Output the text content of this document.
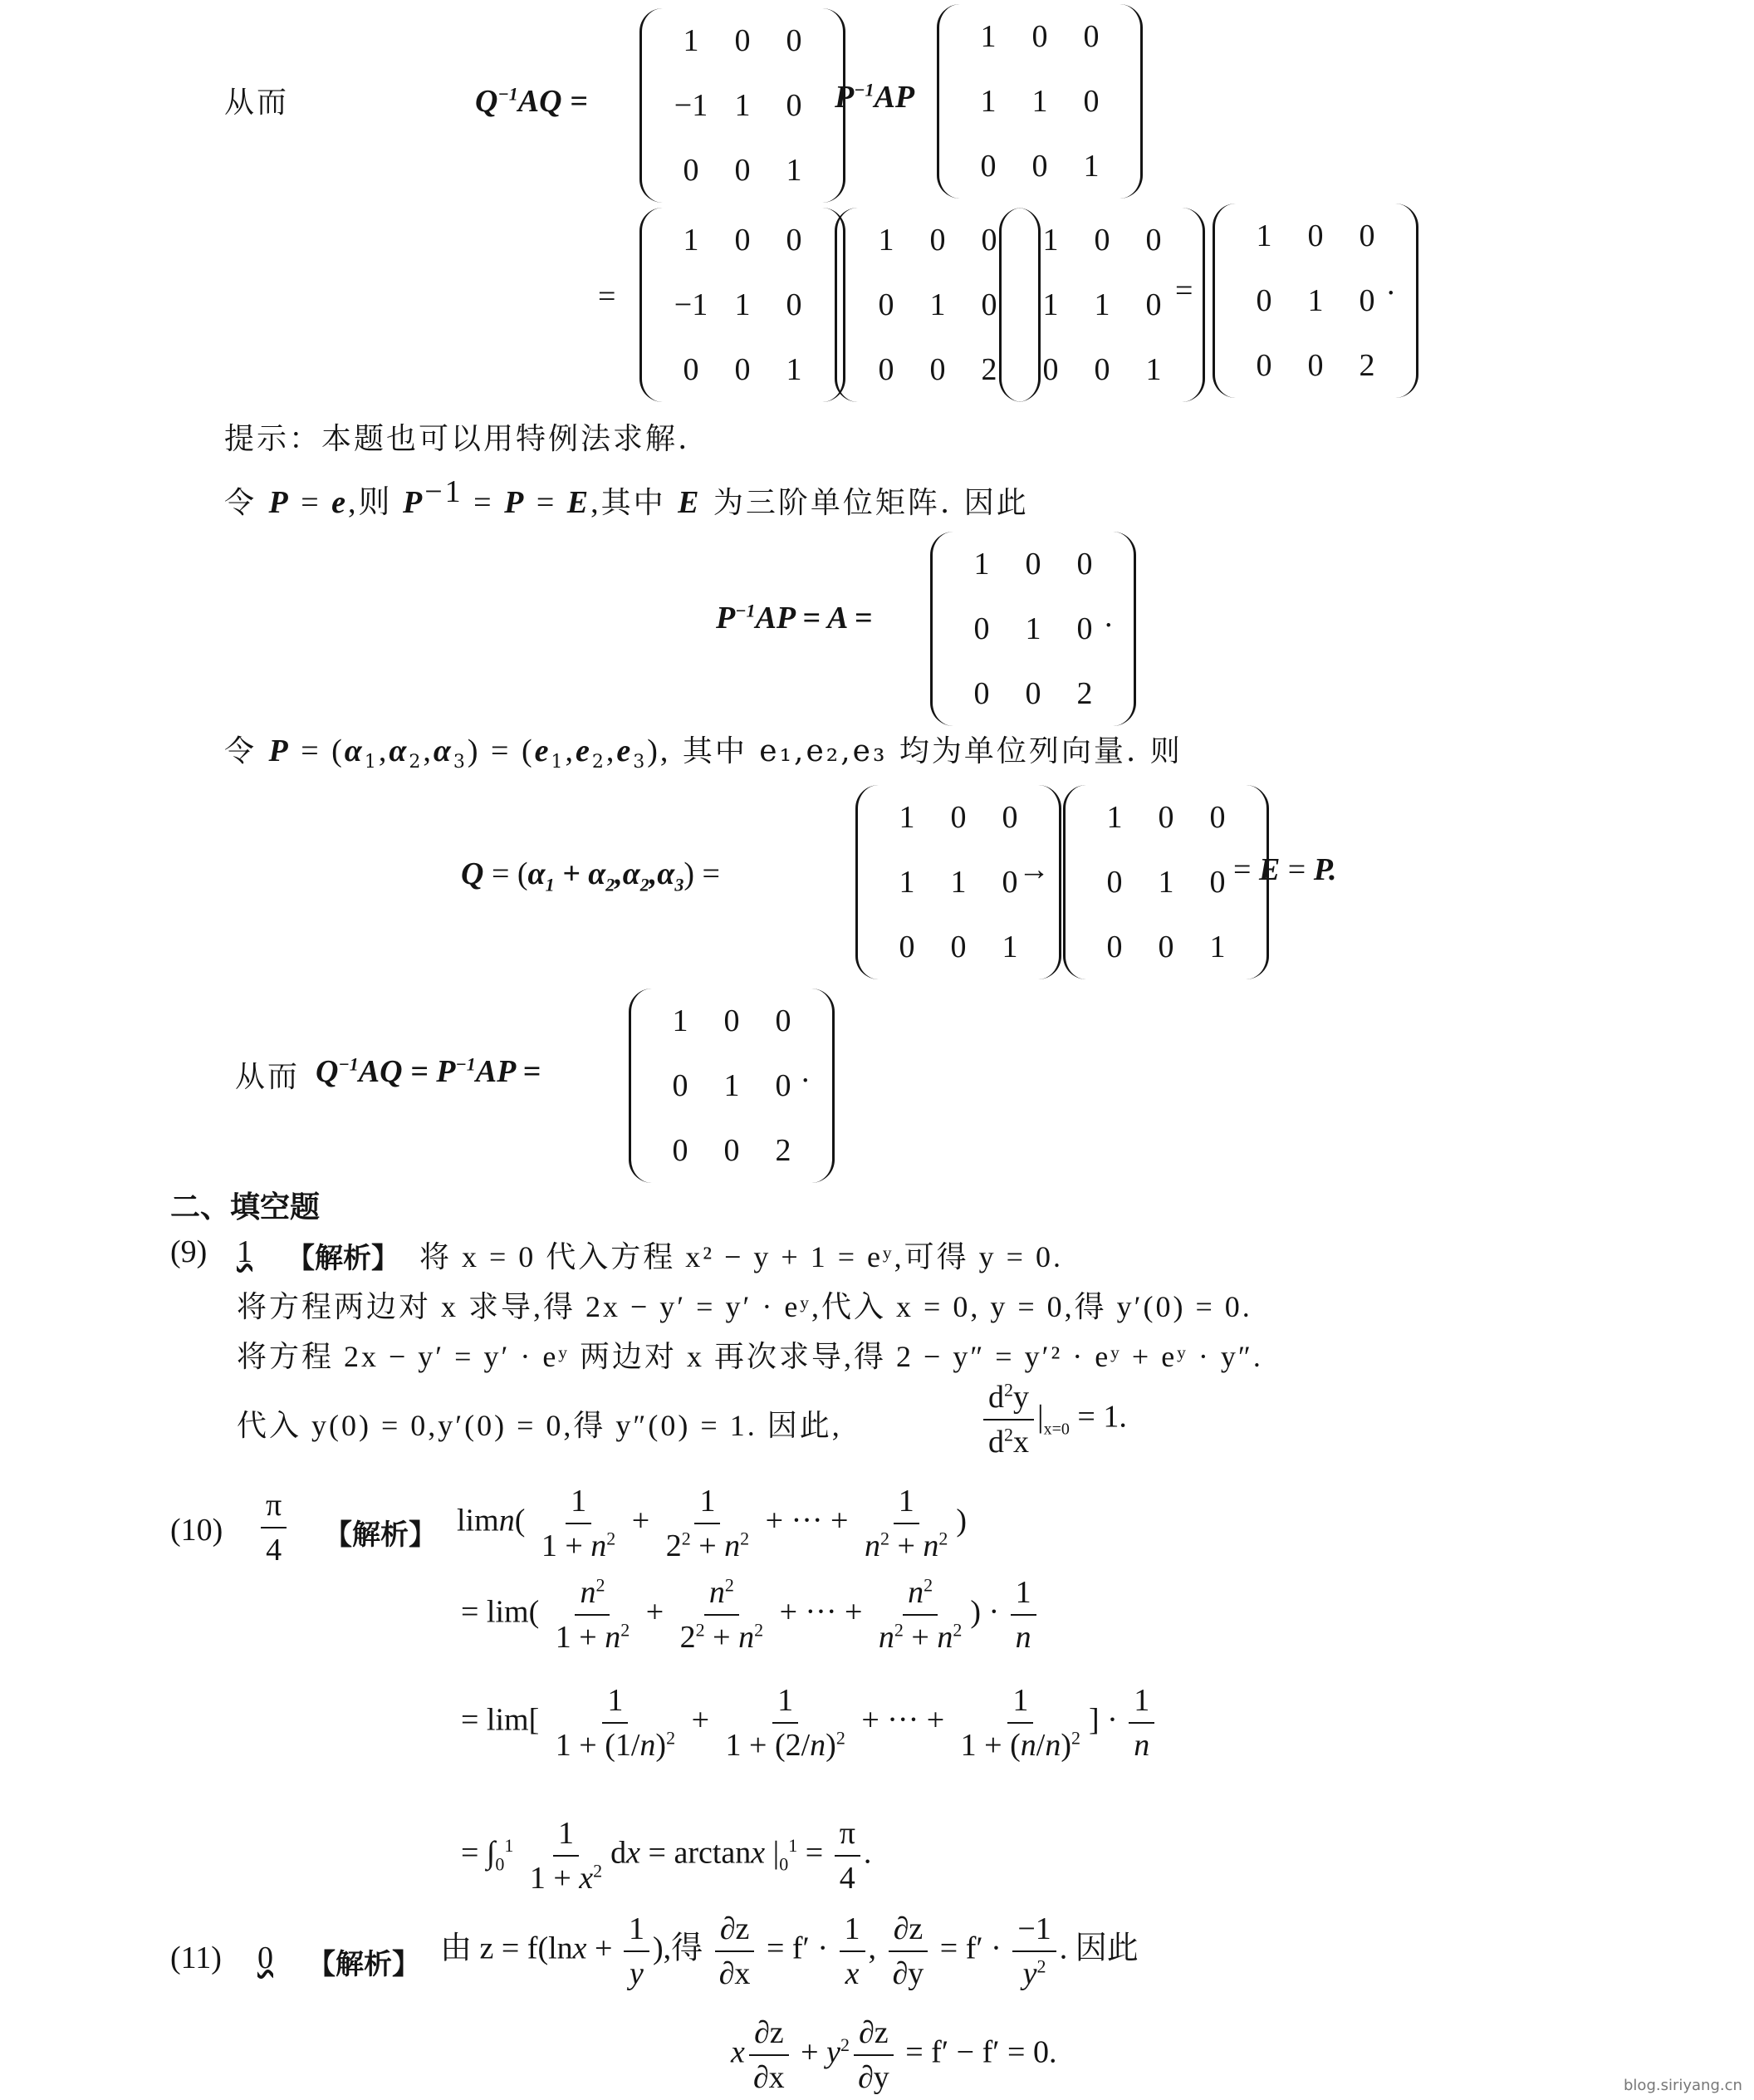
从而	$Q^{-1}AQ$ =
1 0 0
−1 1 0
0 0 1
$P^{-1}AP$
1 0 0
1 1 0
0 0 1
=
1 0 0
−1 1 0
0 0 1
1 0 0
0 1 0
0 0 2
1 0 0
1 1 0
0 0 1
=
1 0 0
0 1 0
0 0 2
.
提示：本题也可以用特例法求解.
令 P = e,则 $P^{-1} = P = E$,其中 E 为三阶单位矩阵. 因此
$P^{-1}AP = A$ =
1 0 0
0 1 0
0 0 2
.
令 $P = (\alpha_1,\alpha_2,\alpha_3) = (e_1,e_2,e_3)$, 其中 e₁,e₂,e₃ 均为单位列向量. 则
$Q = (\alpha_1 + \alpha_2,\alpha_2,\alpha_3)$ =
1 0 0
1 1 0
0 0 1
→
1 0 0
0 1 0
0 0 1
= E = P.
从而 $Q^{-1}AQ = P^{-1}AP$ =
1 0 0
0 1 0
0 0 2
.
二、填空题
(9) 1 【解析】 将 x = 0 代入方程 x² − y + 1 = eʸ,可得 y = 0.
将方程两边对 x 求导,得 2x − y′ = y′ · eʸ,代入 x = 0, y = 0,得 y′(0) = 0.
将方程 2x − y′ = y′ · eʸ 两边对 x 再次求导,得 2 − y″ = y′² · eʸ + eʸ · y″.
代入 y(0) = 0,y′(0) = 0,得 y″(0) = 1. 因此,	$\frac{d^2y}{d^2x} |_{x=0} = 1$.
$(10) \frac{\pi}{4}$ 【解析】 $\lim n( \frac{1}{1 + n^2} + \frac{1}{2^2 + n^2}$ + ··· + $\frac{1}{n^2 + n^2}$ )
= $\lim( \frac{n^2}{1 + n^2} + \frac{n^2}{2^2 + n^2}$ + ··· + $\frac{n^2}{n^2 + n^2}$ ) · $\frac{1}{n}$
= $\lim[ \frac{1}{1 + (1/n)^2} + \frac{1}{1 + (2/n)^2}$ + ··· + $\frac{1}{1 + (n/n)^2}$ ] · $\frac{1}{n}$
= $\int_0^1 \frac{1}{1 + x^2}$ dx = arctanx $|_0^1 = \frac{\pi}{4}$ .
(11) 0 【解析】 由 $z = f(\ln x + \frac{1}{y}$ ),得 $\frac{\partial z}{\partial x} = f' \cdot \frac{1}{x}$ , $\frac{\partial z}{\partial y} = f' \cdot \frac{-1}{y^2}$ . 因此
x $\frac{\partial z}{\partial x} + y^2 \frac{\partial z}{\partial y} = f' - f' = 0$.
blog.siriyang.cn
